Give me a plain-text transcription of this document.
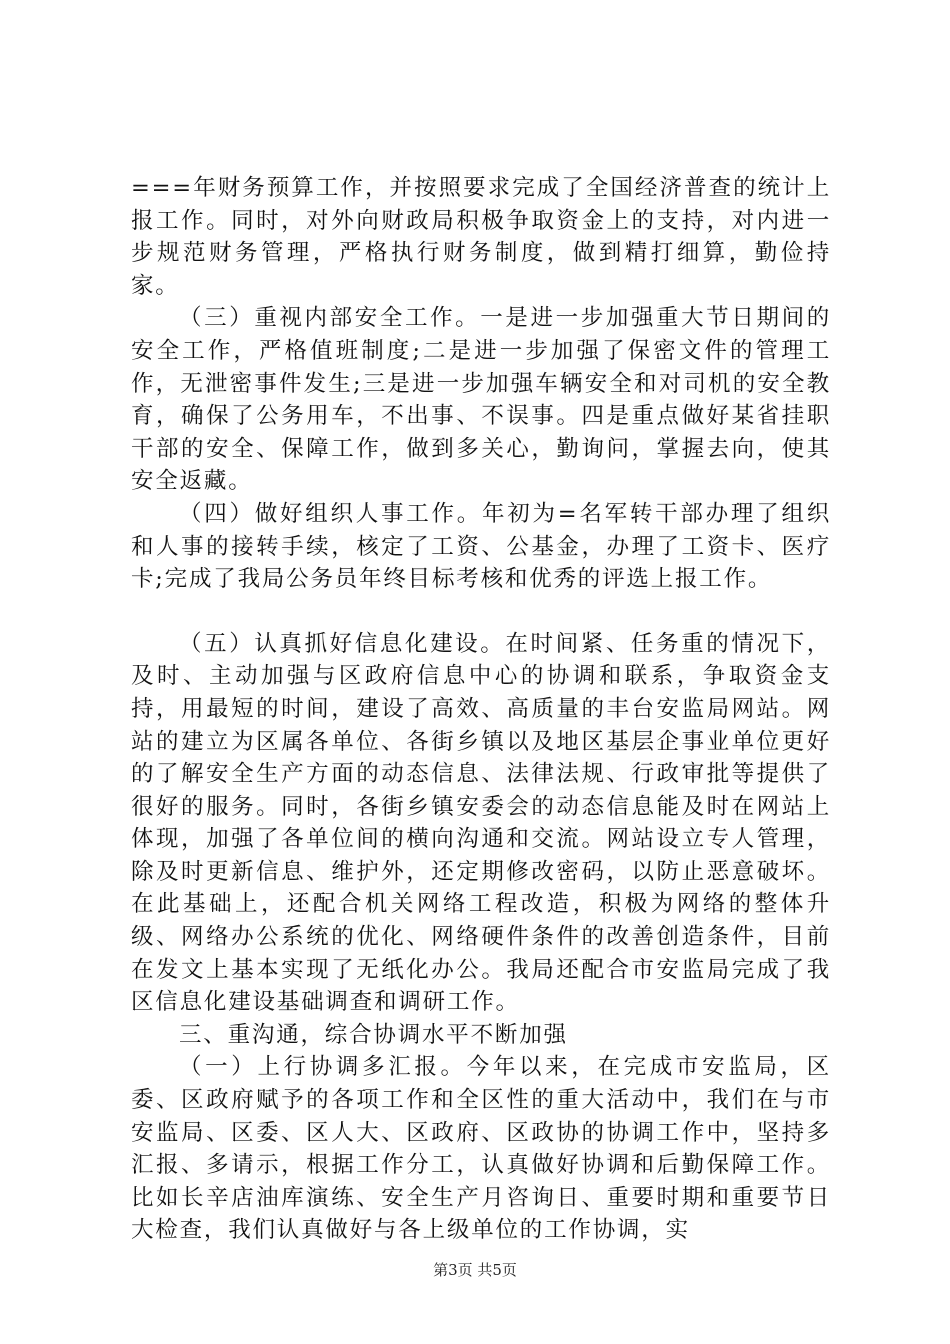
===年财务预算工作，并按照要求完成了全国经济普查的统计上报工作。同时，对外向财政局积极争取资金上的支持，对内进一步规范财务管理，严格执行财务制度，做到精打细算，勤俭持家。

（三）重视内部安全工作。一是进一步加强重大节日期间的安全工作，严格值班制度;二是进一步加强了保密文件的管理工作，无泄密事件发生;三是进一步加强车辆安全和对司机的安全教育，确保了公务用车，不出事、不误事。四是重点做好某省挂职干部的安全、保障工作，做到多关心，勤询问，掌握去向，使其安全返藏。

（四）做好组织人事工作。年初为=名军转干部办理了组织和人事的接转手续，核定了工资、公基金，办理了工资卡、医疗卡;完成了我局公务员年终目标考核和优秀的评选上报工作。

（五）认真抓好信息化建设。在时间紧、任务重的情况下，及时、主动加强与区政府信息中心的协调和联系，争取资金支持，用最短的时间，建设了高效、高质量的丰台安监局网站。网站的建立为区属各单位、各街乡镇以及地区基层企事业单位更好的了解安全生产方面的动态信息、法律法规、行政审批等提供了很好的服务。同时，各街乡镇安委会的动态信息能及时在网站上体现，加强了各单位间的横向沟通和交流。网站设立专人管理，除及时更新信息、维护外，还定期修改密码，以防止恶意破坏。在此基础上，还配合机关网络工程改造，积极为网络的整体升级、网络办公系统的优化、网络硬件条件的改善创造条件，目前在发文上基本实现了无纸化办公。我局还配合市安监局完成了我区信息化建设基础调查和调研工作。

三、重沟通，综合协调水平不断加强

（一）上行协调多汇报。今年以来，在完成市安监局，区委、区政府赋予的各项工作和全区性的重大活动中，我们在与市安监局、区委、区人大、区政府、区政协的协调工作中，坚持多汇报、多请示，根据工作分工，认真做好协调和后勤保障工作。比如长辛店油库演练、安全生产月咨询日、重要时期和重要节日大检查，我们认真做好与各上级单位的工作协调，实

第3页 共5页
